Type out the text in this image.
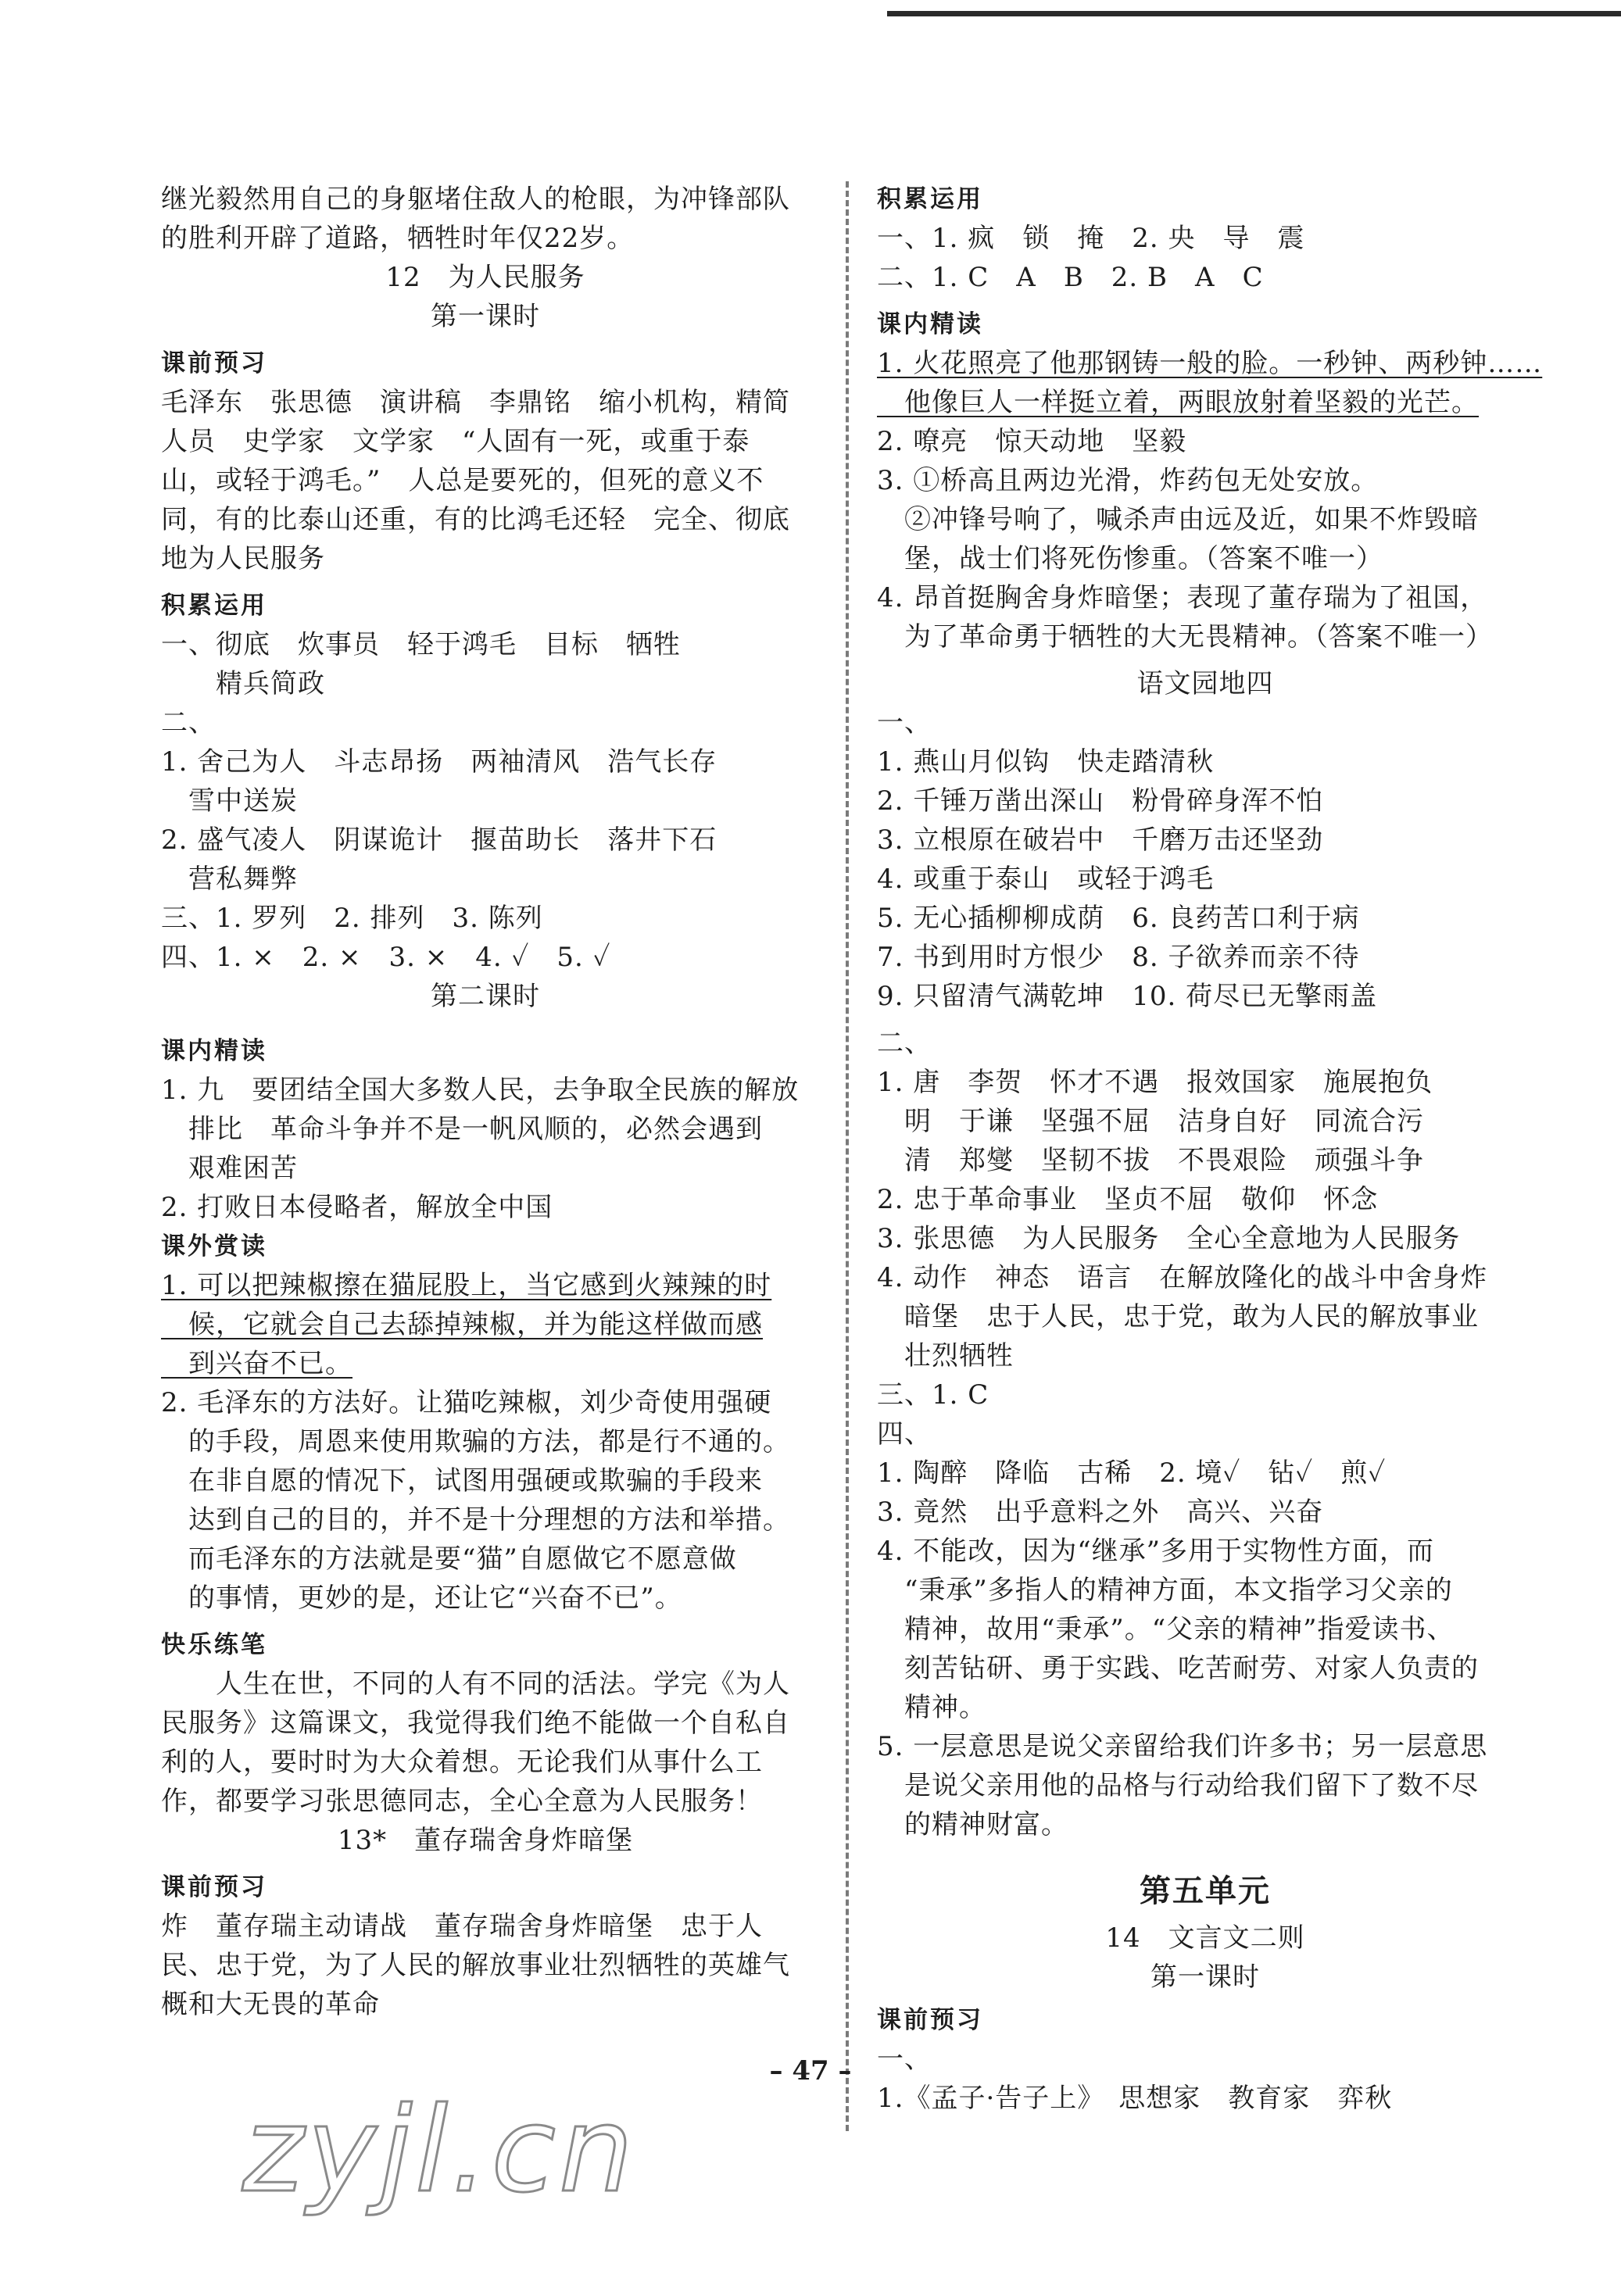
继光毅然用自己的身躯堵住敌人的枪眼，为冲锋部队
的胜利开辟了道路，牺牲时年仅22岁。
12　为人民服务
第一课时
课前预习
毛泽东　张思德　演讲稿　李鼎铭　缩小机构，精简
人员　史学家　文学家　“人固有一死，或重于泰
山，或轻于鸿毛。”　人总是要死的，但死的意义不
同，有的比泰山还重，有的比鸿毛还轻　完全、彻底
地为人民服务
积累运用
一、彻底　炊事员　轻于鸿毛　目标　牺牲
　　精兵简政
二、
1. 舍己为人　斗志昂扬　两袖清风　浩气长存
　雪中送炭
2. 盛气凌人　阴谋诡计　揠苗助长　落井下石
　营私舞弊
三、1. 罗列　2. 排列　3. 陈列
四、1. ×　2. ×　3. ×　4. ✓　5. ✓
第二课时
课内精读
1. 九　要团结全国大多数人民，去争取全民族的解放
　排比　革命斗争并不是一帆风顺的，必然会遇到
　艰难困苦
2. 打败日本侵略者，解放全中国
课外赏读
1. 可以把辣椒擦在猫屁股上，当它感到火辣辣的时
　候，它就会自己去舔掉辣椒，并为能这样做而感
　到兴奋不已。
2. 毛泽东的方法好。让猫吃辣椒，刘少奇使用强硬
　的手段，周恩来使用欺骗的方法，都是行不通的。
　在非自愿的情况下，试图用强硬或欺骗的手段来
　达到自己的目的，并不是十分理想的方法和举措。
　而毛泽东的方法就是要“猫”自愿做它不愿意做
　的事情，更妙的是，还让它“兴奋不已”。
快乐练笔
　　人生在世，不同的人有不同的活法。学完《为人
民服务》这篇课文，我觉得我们绝不能做一个自私自
利的人，要时时为大众着想。无论我们从事什么工
作，都要学习张思德同志，全心全意为人民服务！
13*　董存瑞舍身炸暗堡
课前预习
炸　董存瑞主动请战　董存瑞舍身炸暗堡　忠于人
民、忠于党，为了人民的解放事业壮烈牺牲的英雄气
概和大无畏的革命
积累运用
一、1. 疯　锁　掩　2. 央　导　震
二、1. C　A　B　2. B　A　C
课内精读
1. 火花照亮了他那钢铸一般的脸。一秒钟、两秒钟……
　他像巨人一样挺立着，两眼放射着坚毅的光芒。
2. 嘹亮　惊天动地　坚毅
3. ①桥高且两边光滑，炸药包无处安放。
　②冲锋号响了，喊杀声由远及近，如果不炸毁暗
　堡，战士们将死伤惨重。（答案不唯一）
4. 昂首挺胸舍身炸暗堡；表现了董存瑞为了祖国，
　为了革命勇于牺牲的大无畏精神。（答案不唯一）
语文园地四
一、
1. 燕山月似钩　快走踏清秋
2. 千锤万凿出深山　粉骨碎身浑不怕
3. 立根原在破岩中　千磨万击还坚劲
4. 或重于泰山　或轻于鸿毛
5. 无心插柳柳成荫　6. 良药苦口利于病
7. 书到用时方恨少　8. 子欲养而亲不待
9. 只留清气满乾坤　10. 荷尽已无擎雨盖
二、
1. 唐　李贺　怀才不遇　报效国家　施展抱负
　明　于谦　坚强不屈　洁身自好　同流合污
　清　郑燮　坚韧不拔　不畏艰险　顽强斗争
2. 忠于革命事业　坚贞不屈　敬仰　怀念
3. 张思德　为人民服务　全心全意地为人民服务
4. 动作　神态　语言　在解放隆化的战斗中舍身炸
　暗堡　忠于人民，忠于党，敢为人民的解放事业
　壮烈牺牲
三、1. C
四、
1. 陶醉　降临　古稀　2. 境✓　钻✓　煎✓
3. 竟然　出乎意料之外　高兴、兴奋
4. 不能改，因为“继承”多用于实物性方面，而
　“秉承”多指人的精神方面，本文指学习父亲的
　精神，故用“秉承”。“父亲的精神”指爱读书、
　刻苦钻研、勇于实践、吃苦耐劳、对家人负责的
　精神。
5. 一层意思是说父亲留给我们许多书；另一层意思
　是说父亲用他的品格与行动给我们留下了数不尽
　的精神财富。
第五单元
14　文言文二则
第一课时
课前预习
一、
1.《孟子·告子上》　思想家　教育家　弈秋
– 47 –
zyjl.cn
